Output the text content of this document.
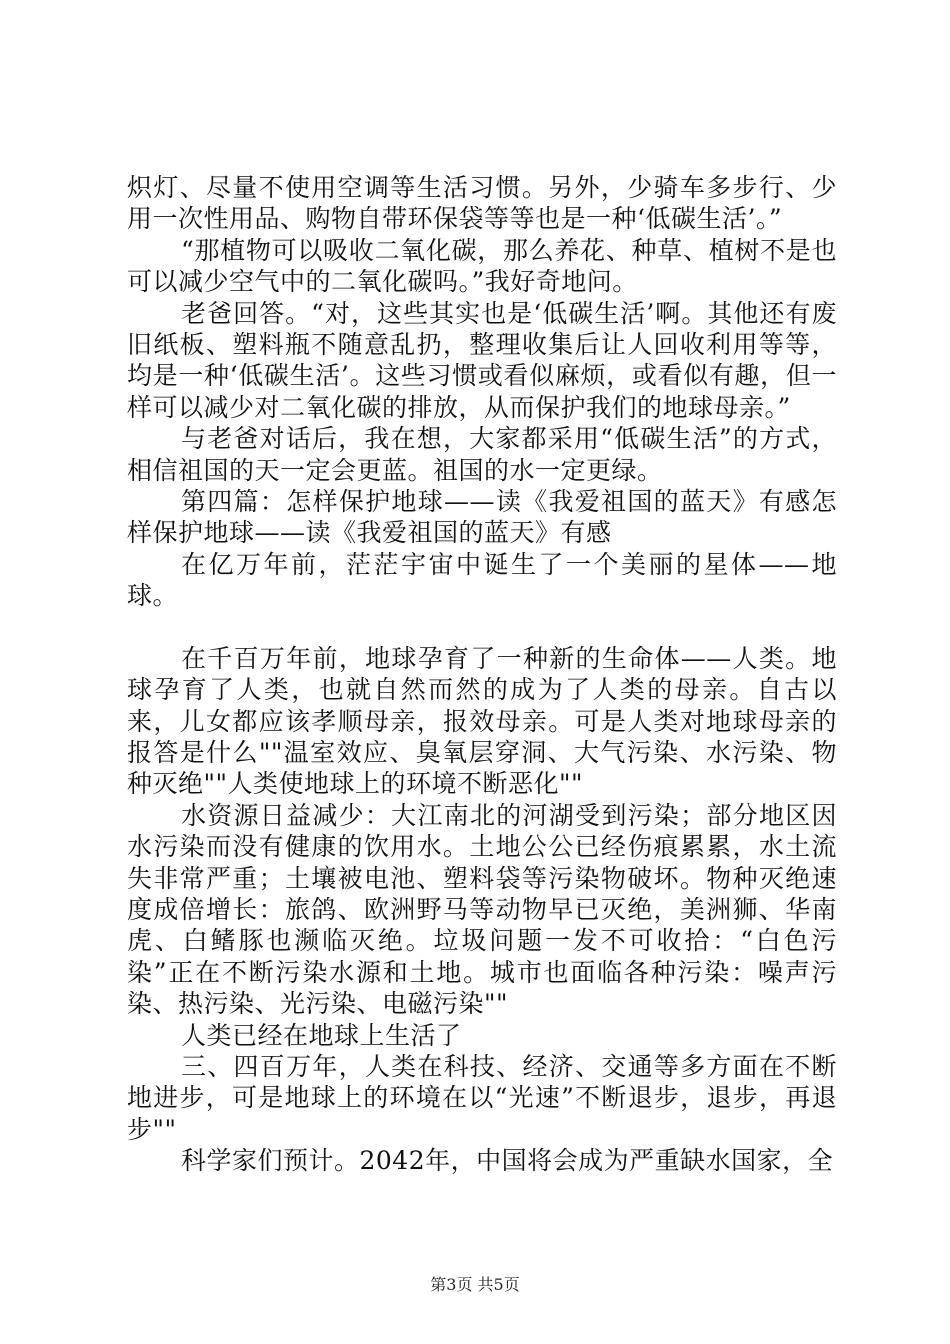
炽灯、尽量不使用空调等生活习惯。另外，少骑车多步行、少用一次性用品、购物自带环保袋等等也是一种‘低碳生活’。”

“那植物可以吸收二氧化碳，那么养花、种草、植树不是也可以减少空气中的二氧化碳吗。”我好奇地问。

老爸回答。“对，这些其实也是‘低碳生活’啊。其他还有废旧纸板、塑料瓶不随意乱扔，整理收集后让人回收利用等等，均是一种‘低碳生活’。这些习惯或看似麻烦，或看似有趣，但一样可以减少对二氧化碳的排放，从而保护我们的地球母亲。”

与老爸对话后，我在想，大家都采用“低碳生活”的方式，相信祖国的天一定会更蓝。祖国的水一定更绿。

第四篇：怎样保护地球——读《我爱祖国的蓝天》有感怎样保护地球——读《我爱祖国的蓝天》有感

在亿万年前，茫茫宇宙中诞生了一个美丽的星体——地球。

在千百万年前，地球孕育了一种新的生命体——人类。地球孕育了人类，也就自然而然的成为了人类的母亲。自古以来，儿女都应该孝顺母亲，报效母亲。可是人类对地球母亲的报答是什么""温室效应、臭氧层穿洞、大气污染、水污染、物种灭绝""人类使地球上的环境不断恶化""

水资源日益减少：大江南北的河湖受到污染；部分地区因水污染而没有健康的饮用水。土地公公已经伤痕累累，水土流失非常严重；土壤被电池、塑料袋等污染物破坏。物种灭绝速度成倍增长：旅鸽、欧洲野马等动物早已灭绝，美洲狮、华南虎、白鳍豚也濒临灭绝。垃圾问题一发不可收拾：“白色污染”正在不断污染水源和土地。城市也面临各种污染：噪声污染、热污染、光污染、电磁污染""

人类已经在地球上生活了

三、四百万年，人类在科技、经济、交通等多方面在不断地进步，可是地球上的环境在以“光速”不断退步，退步，再退步""

科学家们预计。2042年，中国将会成为严重缺水国家，全

第3页 共5页
